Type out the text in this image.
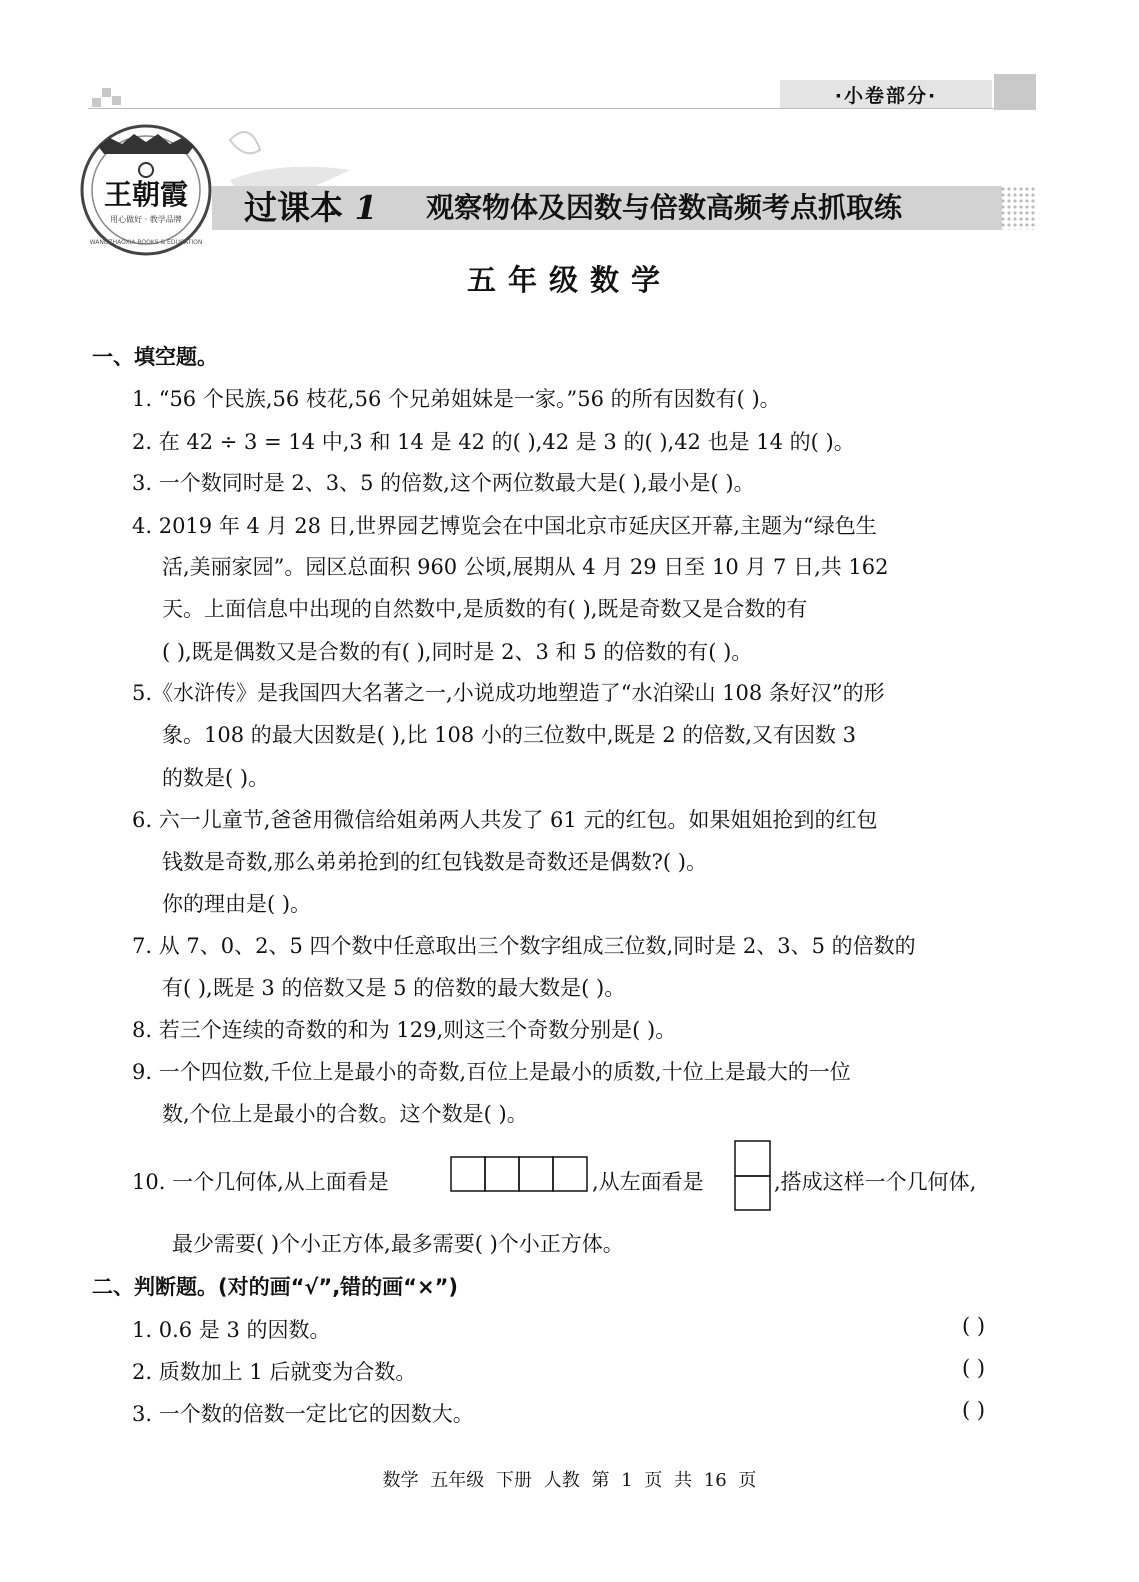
·小卷部分·
王朝霞
用心做好 · 教学品牌
WANGZHAOXIA BOOKS & EDUCATION
过课本 1 观察物体及因数与倍数高频考点抓取练
五年级数学
一、填空题。
1. “56 个民族,56 枝花,56 个兄弟姐妹是一家。”56 的所有因数有( )。
2. 在 42 ÷ 3 = 14 中,3 和 14 是 42 的( ),42 是 3 的( ),42 也是 14 的( )。
3. 一个数同时是 2、3、5 的倍数,这个两位数最大是( ),最小是( )。
4. 2019 年 4 月 28 日,世界园艺博览会在中国北京市延庆区开幕,主题为“绿色生
活,美丽家园”。园区总面积 960 公顷,展期从 4 月 29 日至 10 月 7 日,共 162
天。上面信息中出现的自然数中,是质数的有( ),既是奇数又是合数的有
( ),既是偶数又是合数的有( ),同时是 2、3 和 5 的倍数的有( )。
5.《水浒传》是我国四大名著之一,小说成功地塑造了“水泊梁山 108 条好汉”的形
象。108 的最大因数是( ),比 108 小的三位数中,既是 2 的倍数,又有因数 3
的数是( )。
6. 六一儿童节,爸爸用微信给姐弟两人共发了 61 元的红包。如果姐姐抢到的红包
钱数是奇数,那么弟弟抢到的红包钱数是奇数还是偶数?( )。
你的理由是( )。
7. 从 7、0、2、5 四个数中任意取出三个数字组成三位数,同时是 2、3、5 的倍数的
有( ),既是 3 的倍数又是 5 的倍数的最大数是( )。
8. 若三个连续的奇数的和为 129,则这三个奇数分别是( )。
9. 一个四位数,千位上是最小的奇数,百位上是最小的质数,十位上是最大的一位
数,个位上是最小的合数。这个数是( )。
10. 一个几何体,从上面看是	,从左面看是	,搭成这样一个几何体,
最少需要( )个小正方体,最多需要( )个小正方体。
二、判断题。(对的画“√”,错的画“×”)
1. 0.6 是 3 的因数。	( )
2. 质数加上 1 后就变为合数。	( )
3. 一个数的倍数一定比它的因数大。	( )
数学 五年级 下册 人教 第 1 页 共 16 页
